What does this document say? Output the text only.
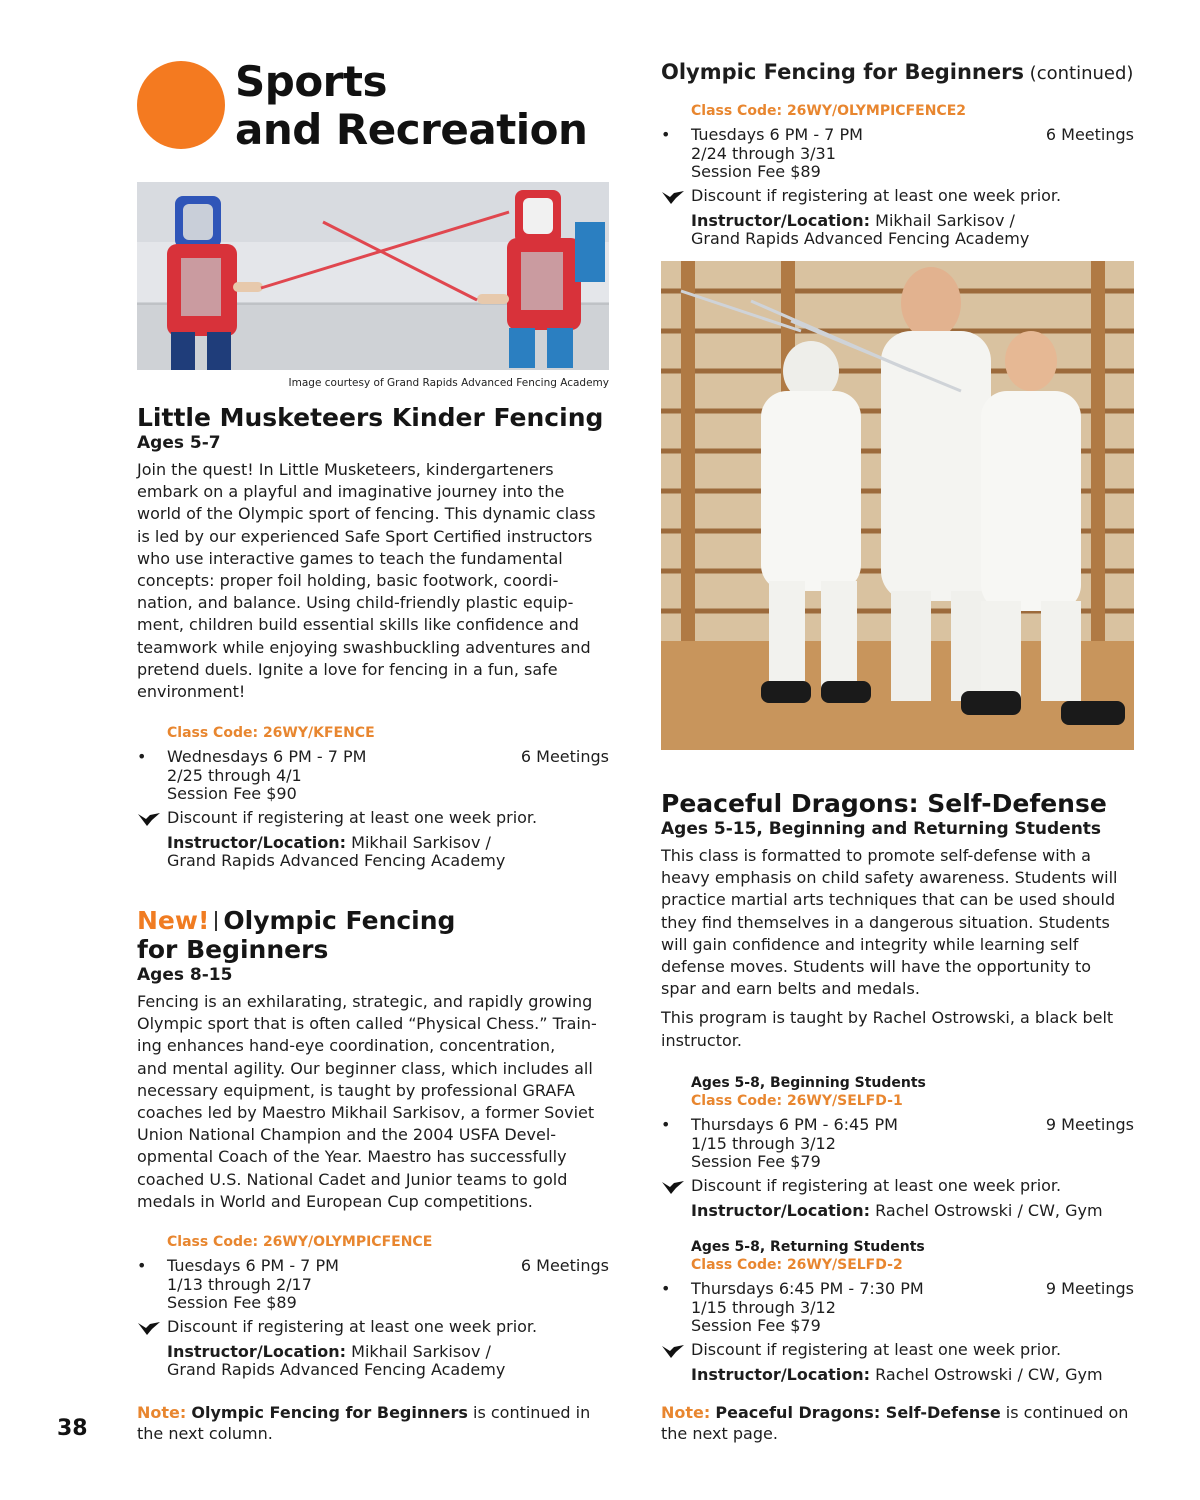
Sports
and Recreation
Image courtesy of Grand Rapids Advanced Fencing Academy
Little Musketeers Kinder Fencing
Ages 5-7
Join the quest! In Little Musketeers, kindergarteners
embark on a playful and imaginative journey into the
world of the Olympic sport of fencing. This dynamic class
is led by our experienced Safe Sport Certified instructors
who use interactive games to teach the fundamental
concepts: proper foil holding, basic footwork, coordi-
nation, and balance. Using child-friendly plastic equip-
ment, children build essential skills like confidence and
teamwork while enjoying swashbuckling adventures and
pretend duels. Ignite a love for fencing in a fun, safe
environment!
Class Code: 26WY/KFENCE
• Wednesdays 6 PM - 7 PM	6 Meetings
2/25 through 4/1
Session Fee $90
Discount if registering at least one week prior.
Instructor/Location: Mikhail Sarkisov /
Grand Rapids Advanced Fencing Academy
New! Olympic Fencing
for Beginners
Ages 8-15
Fencing is an exhilarating, strategic, and rapidly growing
Olympic sport that is often called “Physical Chess.” Train-
ing enhances hand-eye coordination, concentration,
and mental agility. Our beginner class, which includes all
necessary equipment, is taught by professional GRAFA
coaches led by Maestro Mikhail Sarkisov, a former Soviet
Union National Champion and the 2004 USFA Devel-
opmental Coach of the Year. Maestro has successfully
coached U.S. National Cadet and Junior teams to gold
medals in World and European Cup competitions.
Class Code: 26WY/OLYMPICFENCE
• Tuesdays 6 PM - 7 PM	6 Meetings
1/13 through 2/17
Session Fee $89
Discount if registering at least one week prior.
Instructor/Location: Mikhail Sarkisov /
Grand Rapids Advanced Fencing Academy
Note: Olympic Fencing for Beginners is continued in
the next column.
Olympic Fencing for Beginners (continued)
Class Code: 26WY/OLYMPICFENCE2
• Tuesdays 6 PM - 7 PM	6 Meetings
2/24 through 3/31
Session Fee $89
Discount if registering at least one week prior.
Instructor/Location: Mikhail Sarkisov /
Grand Rapids Advanced Fencing Academy
Peaceful Dragons: Self-Defense
Ages 5-15, Beginning and Returning Students
This class is formatted to promote self-defense with a
heavy emphasis on child safety awareness. Students will
practice martial arts techniques that can be used should
they find themselves in a dangerous situation. Students
will gain confidence and integrity while learning self
defense moves. Students will have the opportunity to
spar and earn belts and medals.
This program is taught by Rachel Ostrowski, a black belt
instructor.
Ages 5-8, Beginning Students
Class Code: 26WY/SELFD-1
• Thursdays 6 PM - 6:45 PM	9 Meetings
1/15 through 3/12
Session Fee $79
Discount if registering at least one week prior.
Instructor/Location: Rachel Ostrowski / CW, Gym
Ages 5-8, Returning Students
Class Code: 26WY/SELFD-2
• Thursdays 6:45 PM - 7:30 PM	9 Meetings
1/15 through 3/12
Session Fee $79
Discount if registering at least one week prior.
Instructor/Location: Rachel Ostrowski / CW, Gym
Note: Peaceful Dragons: Self-Defense is continued on
the next page.
38
